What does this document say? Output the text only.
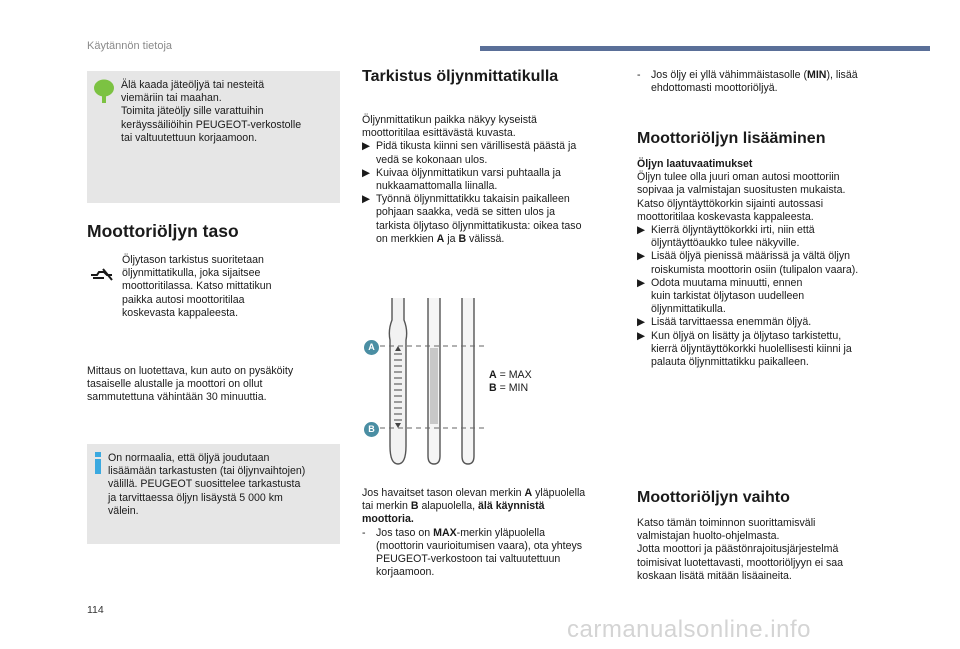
Käytännön tietoja
Älä kaada jäteöljyä tai nesteitä
viemäriin tai maahan.
Toimita jäteöljy sille varattuihin
keräyssäiliöihin PEUGEOT-verkostolle
tai valtuutettuun korjaamoon.
Moottoriöljyn taso
Öljytason tarkistus suoritetaan
öljynmittatikulla, joka sijaitsee
moottoritilassa. Katso mittatikun
paikka autosi moottoritilaa
koskevasta kappaleesta.
Mittaus on luotettava, kun auto on pysäköity
tasaiselle alustalle ja moottori on ollut
sammutettuna vähintään 30 minuuttia.
On normaalia, että öljyä joudutaan
lisäämään tarkastusten (tai öljynvaihtojen)
välillä. PEUGEOT suosittelee tarkastusta
ja tarvittaessa öljyn lisäystä 5 000 km
välein.
114
Tarkistus öljynmittatikulla
Öljynmittatikun paikka näkyy kyseistä
moottoritilaa esittävästä kuvasta.
▶ Pidä tikusta kiinni sen värillisestä päästä ja
vedä se kokonaan ulos.
▶ Kuivaa öljynmittatikun varsi puhtaalla ja
nukkaamattomalla liinalla.
▶ Työnnä öljynmittatikku takaisin paikalleen
pohjaan saakka, vedä se sitten ulos ja
tarkista öljytaso öljynmittatikusta: oikea taso
on merkkien A ja B välissä.
A
B
A = MAX
B = MIN
Jos havaitset tason olevan merkin A yläpuolella
tai merkin B alapuolella, älä käynnistä
moottoria.
- Jos taso on MAX-merkin yläpuolella
(moottorin vaurioitumisen vaara), ota yhteys
PEUGEOT-verkostoon tai valtuutettuun
korjaamoon.
- Jos öljy ei yllä vähimmäistasolle (MIN), lisää
ehdottomasti moottoriöljyä.
Moottoriöljyn lisääminen
Öljyn laatuvaatimukset
Öljyn tulee olla juuri oman autosi moottoriin
sopivaa ja valmistajan suositusten mukaista.
Katso öljyntäyttökorkin sijainti autossasi
moottoritilaa koskevasta kappaleesta.
▶ Kierrä öljyntäyttökorkki irti, niin että
öljyntäyttöaukko tulee näkyville.
▶ Lisää öljyä pienissä määrissä ja vältä öljyn
roiskumista moottorin osiin (tulipalon vaara).
▶ Odota muutama minuutti, ennen
kuin tarkistat öljytason uudelleen
öljynmittatikulla.
▶ Lisää tarvittaessa enemmän öljyä.
▶ Kun öljyä on lisätty ja öljytaso tarkistettu,
kierrä öljyntäyttökorkki huolellisesti kiinni ja
palauta öljynmittatikku paikalleen.
Moottoriöljyn vaihto
Katso tämän toiminnon suorittamisväli
valmistajan huolto-ohjelmasta.
Jotta moottori ja päästönrajoitusjärjestelmä
toimisivat luotettavasti, moottoriöljyyn ei saa
koskaan lisätä mitään lisäaineita.
carmanualsonline.info
